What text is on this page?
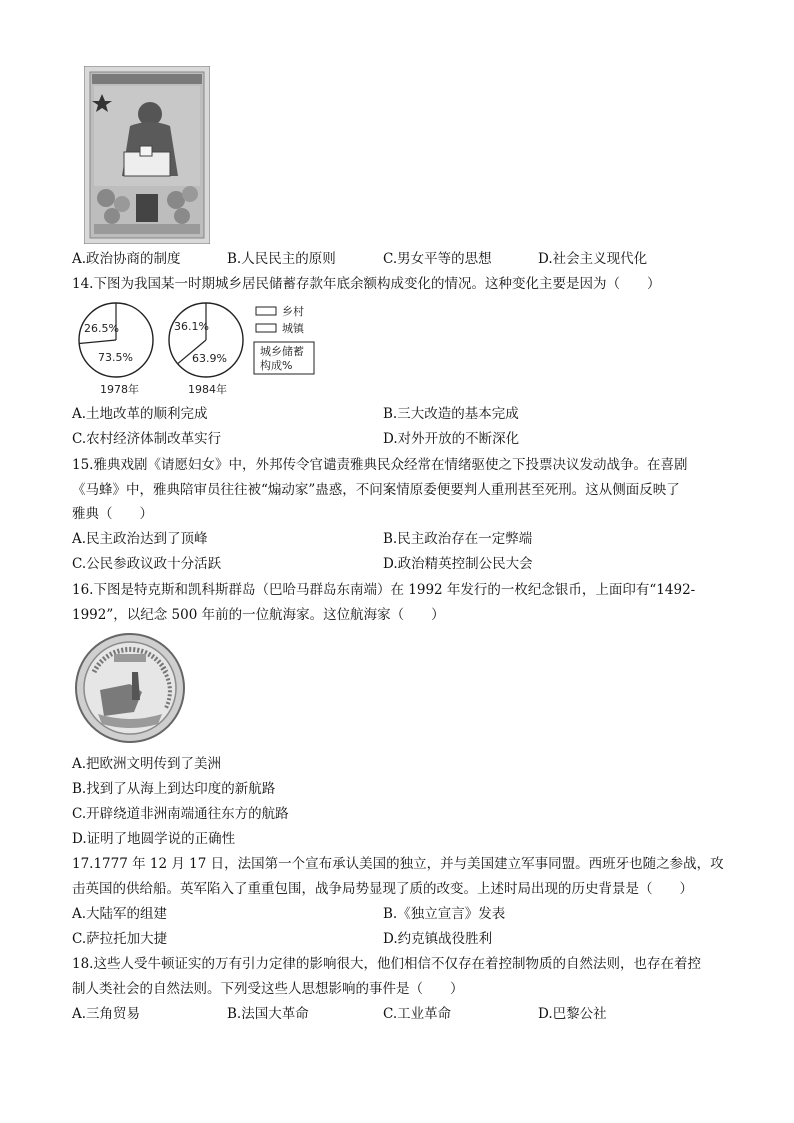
A.政治协商的制度	B.人民民主的原则	C.男女平等的思想	D.社会主义现代化
14.下图为我国某一时期城乡居民储蓄存款年底余额构成变化的情况。这种变化主要是因为（　　）
26.5%
73.5%
1978年
36.1%
63.9%
1984年
乡村
城镇
城乡储蓄
构成%
A.土地改革的顺利完成	B.三大改造的基本完成
C.农村经济体制改革实行	D.对外开放的不断深化
15.雅典戏剧《请愿妇女》中，外邦传令官谴责雅典民众经常在情绪驱使之下投票决议发动战争。在喜剧
《马蜂》中，雅典陪审员往往被“煽动家”蛊惑，不问案情原委便要判人重刑甚至死刑。这从侧面反映了
雅典（　　）
A.民主政治达到了顶峰	B.民主政治存在一定弊端
C.公民参政议政十分活跃	D.政治精英控制公民大会
16.下图是特克斯和凯科斯群岛（巴哈马群岛东南端）在 1992 年发行的一枚纪念银币，上面印有“1492-
1992”，以纪念 500 年前的一位航海家。这位航海家（　　）
A.把欧洲文明传到了美洲
B.找到了从海上到达印度的新航路
C.开辟绕道非洲南端通往东方的航路
D.证明了地圆学说的正确性
17.1777 年 12 月 17 日，法国第一个宣布承认美国的独立，并与美国建立军事同盟。西班牙也随之参战，攻
击英国的供给船。英军陷入了重重包围，战争局势显现了质的改变。上述时局出现的历史背景是（　　）
A.大陆军的组建	B.《独立宣言》发表
C.萨拉托加大捷	D.约克镇战役胜利
18.这些人受牛顿证实的万有引力定律的影响很大，他们相信不仅存在着控制物质的自然法则，也存在着控
制人类社会的自然法则。下列受这些人思想影响的事件是（　　）
A.三角贸易	B.法国大革命	C.工业革命	D.巴黎公社
